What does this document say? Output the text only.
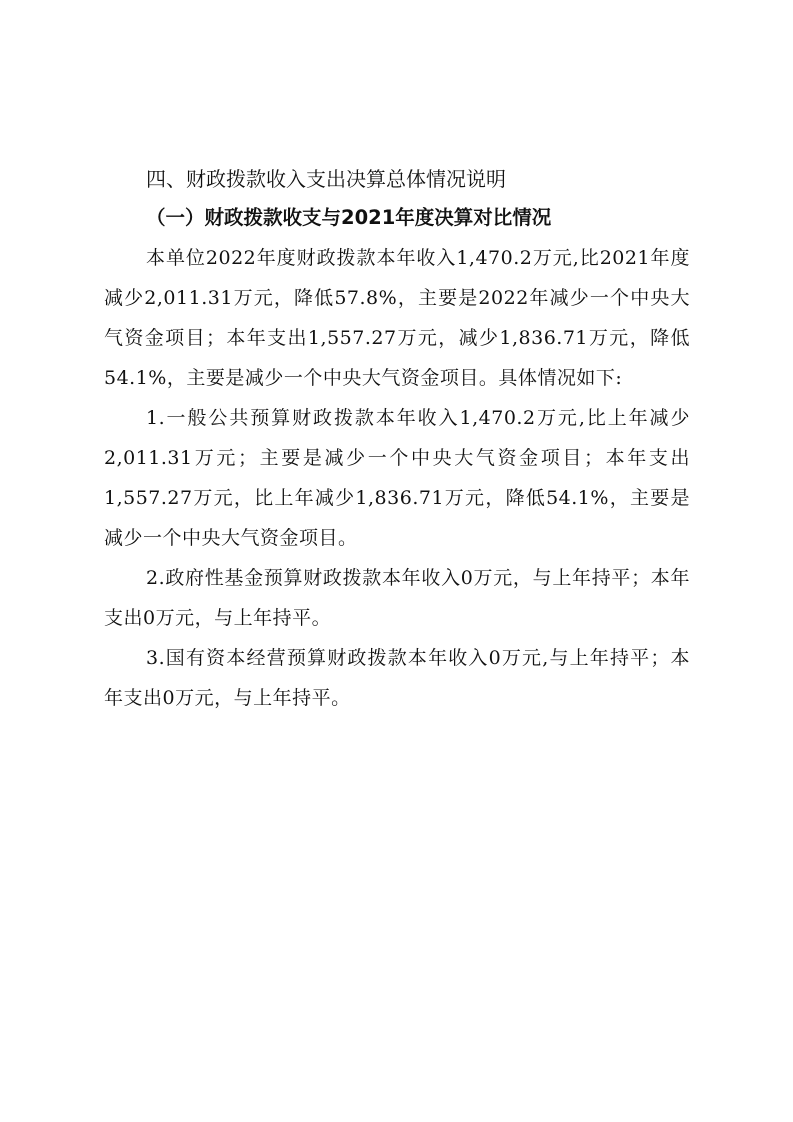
四、财政拨款收入支出决算总体情况说明

（一）财政拨款收支与2021年度决算对比情况

本单位2022年度财政拨款本年收入1,470.2万元,比2021年度减少2,011.31万元，降低57.8%，主要是2022年减少一个中央大气资金项目；本年支出1,557.27万元，减少1,836.71万元，降低54.1%，主要是减少一个中央大气资金项目。具体情况如下:

1.一般公共预算财政拨款本年收入1,470.2万元,比上年减少2,011.31万元；主要是减少一个中央大气资金项目；本年支出1,557.27万元，比上年减少1,836.71万元，降低54.1%，主要是减少一个中央大气资金项目。

2.政府性基金预算财政拨款本年收入0万元，与上年持平；本年支出0万元，与上年持平。

3.国有资本经营预算财政拨款本年收入0万元,与上年持平；本年支出0万元，与上年持平。
